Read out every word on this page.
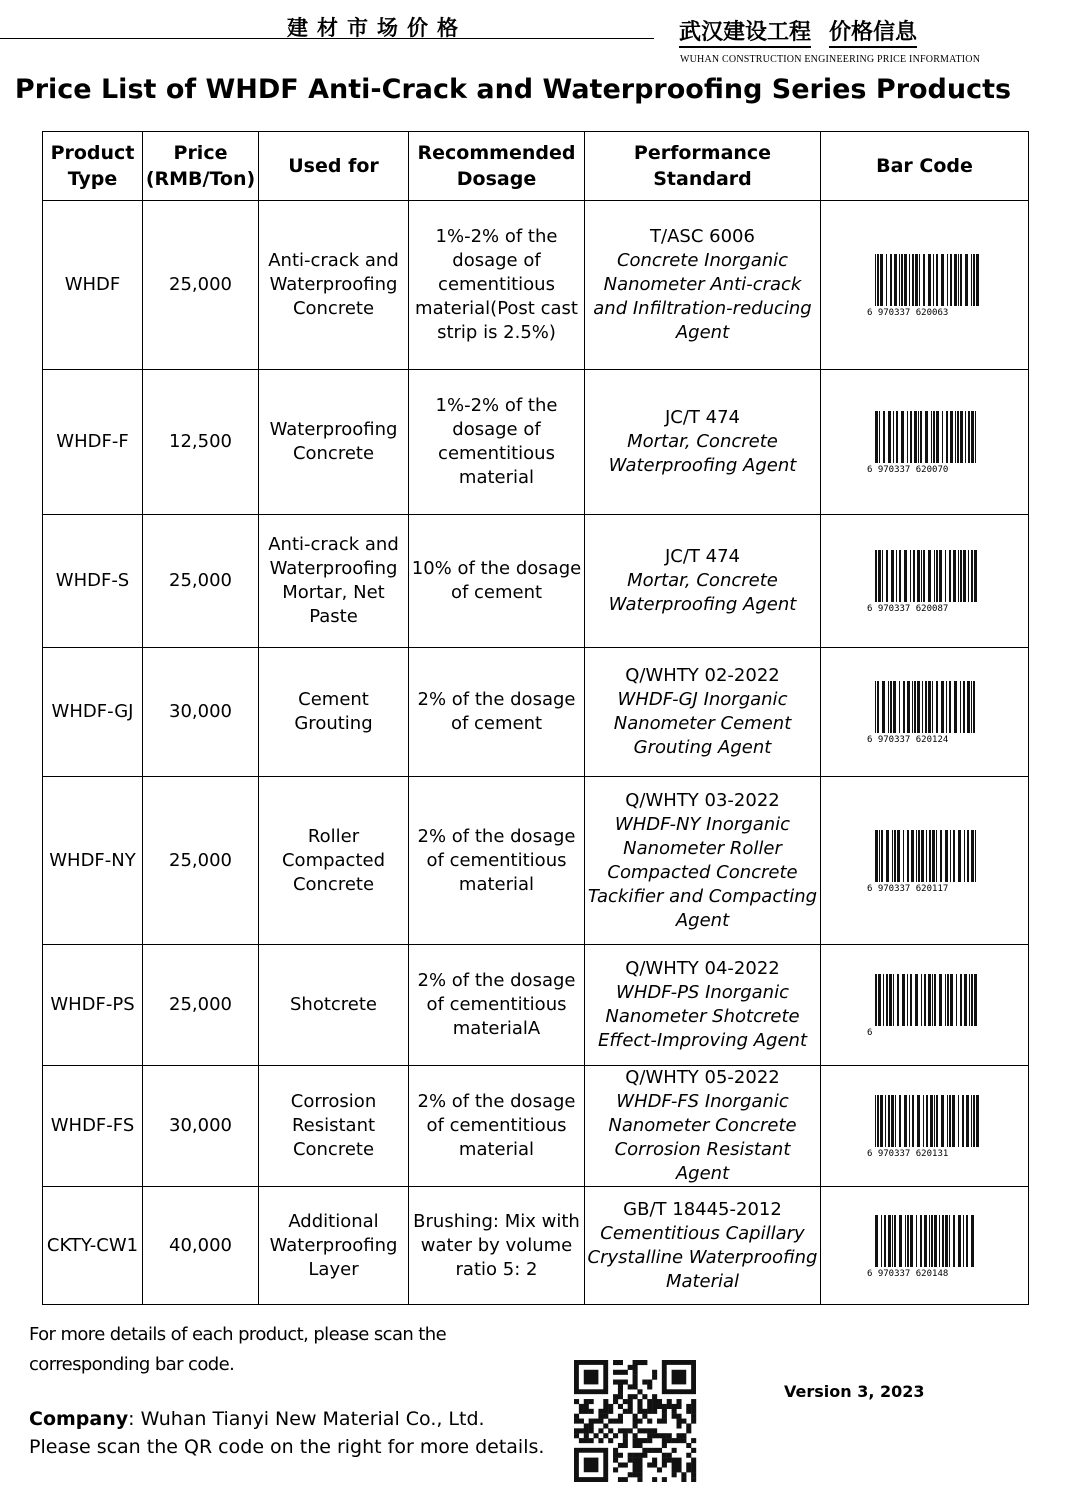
建材市场价格	武汉建设工程 价格信息
WUHAN CONSTRUCTION ENGINEERING PRICE INFORMATION
Price List of WHDF Anti-Crack and Waterproofing Series Products
Product Type	Price (RMB/Ton)	Used for	Recommended Dosage	Performance Standard	Bar Code
WHDF	25,000	Anti-crack and Waterproofing Concrete	1%-2% of the dosage of cementitious material(Post cast strip is 2.5%)	T/ASC 6006
Concrete Inorganic Nanometer Anti-crack and Infiltration-reducing Agent	6 970337 620063

WHDF-F	12,500	Waterproofing Concrete	1%-2% of the dosage of cementitious material	JC/T 474
Mortar, Concrete Waterproofing Agent	6 970337 620070

WHDF-S	25,000	Anti-crack and Waterproofing Mortar, Net Paste	10% of the dosage of cement	JC/T 474
Mortar, Concrete Waterproofing Agent	6 970337 620087

WHDF-GJ	30,000	Cement Grouting	2% of the dosage of cement	Q/WHTY 02-2022
WHDF-GJ Inorganic Nanometer Cement Grouting Agent	6 970337 620124

WHDF-NY	25,000	Roller Compacted Concrete	2% of the dosage of cementitious material	Q/WHTY 03-2022
WHDF-NY Inorganic Nanometer Roller Compacted Concrete Tackifier and Compacting Agent	6 970337 620117

WHDF-PS	25,000	Shotcrete	2% of the dosage of cementitious materialA	Q/WHTY 04-2022
WHDF-PS Inorganic Nanometer Shotcrete Effect-Improving Agent	6

WHDF-FS	30,000	Corrosion Resistant Concrete	2% of the dosage of cementitious material	Q/WHTY 05-2022
WHDF-FS Inorganic Nanometer Concrete Corrosion Resistant Agent	6 970337 620131

CKTY-CW1	40,000	Additional Waterproofing Layer	Brushing: Mix with water by volume ratio 5: 2	GB/T 18445-2012
Cementitious Capillary Crystalline Waterproofing Material	6 970337 620148
For more details of each product, please scan the corresponding bar code.
Company: Wuhan Tianyi New Material Co., Ltd.
Please scan the QR code on the right for more details.
Version 3, 2023
